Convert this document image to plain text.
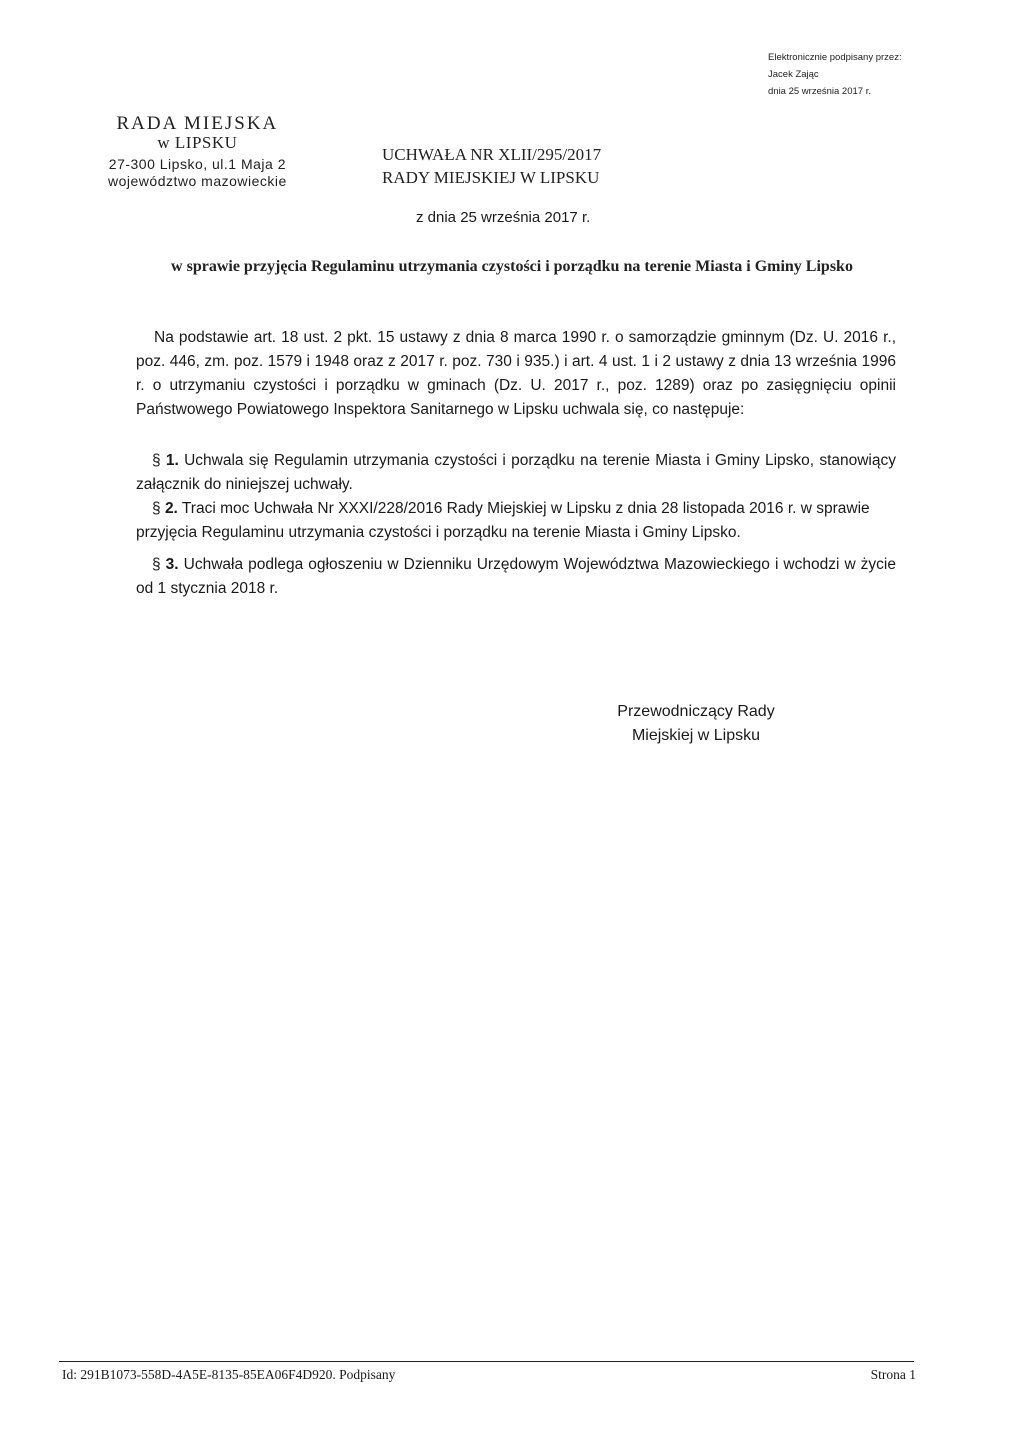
Elektronicznie podpisany przez:
Jacek Zając
dnia 25 września 2017 r.
RADA MIEJSKA
w LIPSKU
27-300 Lipsko, ul.1 Maja 2
województwo mazowieckie
UCHWAŁA NR XLII/295/2017
RADY MIEJSKIEJ W LIPSKU
z dnia 25 września 2017 r.
w sprawie przyjęcia Regulaminu utrzymania czystości i porządku na terenie Miasta i Gminy Lipsko
Na podstawie art. 18 ust. 2 pkt. 15 ustawy z dnia 8 marca 1990 r. o samorządzie gminnym (Dz. U. 2016 r., poz. 446, zm. poz. 1579 i 1948 oraz z 2017 r. poz. 730 i 935.) i art. 4 ust. 1 i 2 ustawy z dnia 13 września 1996 r. o utrzymaniu czystości i porządku w gminach (Dz. U. 2017 r., poz. 1289) oraz po zasięgnięciu opinii Państwowego Powiatowego Inspektora Sanitarnego w Lipsku uchwala się, co następuje:
§ 1. Uchwala się Regulamin utrzymania czystości i porządku na terenie Miasta i Gminy Lipsko, stanowiący załącznik do niniejszej uchwały.
§ 2. Traci moc Uchwała Nr XXXI/228/2016 Rady Miejskiej w Lipsku z dnia 28 listopada 2016 r. w sprawie przyjęcia Regulaminu utrzymania czystości i porządku na terenie Miasta i Gminy Lipsko.
§ 3. Uchwała podlega ogłoszeniu w Dzienniku Urzędowym Województwa Mazowieckiego i wchodzi w życie od 1 stycznia 2018 r.
Przewodniczący Rady
Miejskiej w Lipsku
Id: 291B1073-558D-4A5E-8135-85EA06F4D920. Podpisany	Strona 1
